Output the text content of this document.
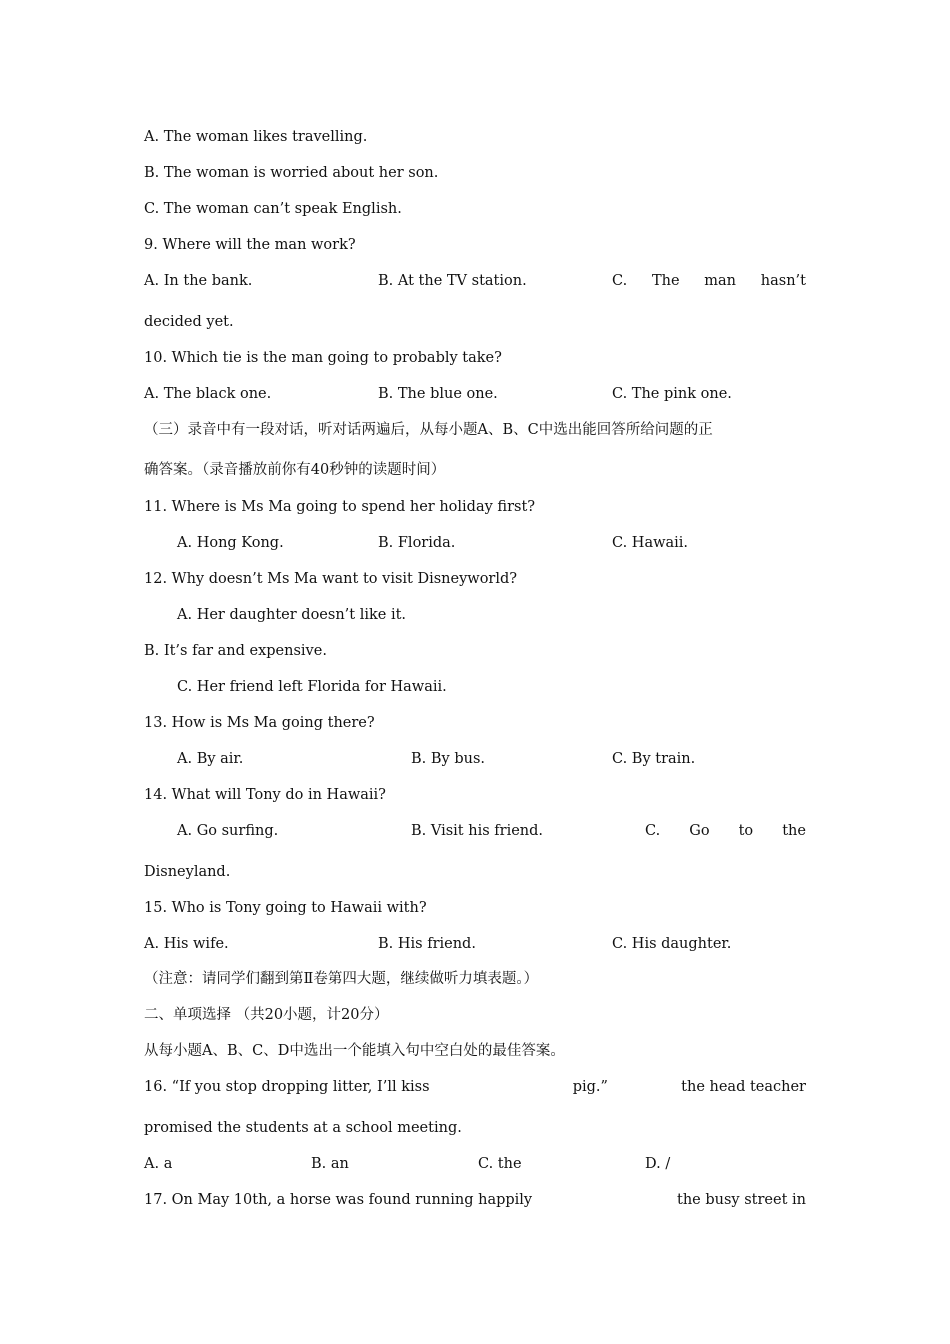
A. The woman likes travelling.
B. The woman is worried about her son.
C. The woman can’t speak English.
9. Where will the man work?
A. In the bank.	B. At the TV station.	C. The man hasn’t
decided yet.
10. Which tie is the man going to probably take?
A. The black one.	B. The blue one.	C. The pink one.
（三）录音中有一段对话，听对话两遍后，从每小题A、B、C中选出能回答所给问题的正
确答案。（录音播放前你有40秒钟的读题时间）
11. Where is Ms Ma going to spend her holiday first?
A. Hong Kong.	B. Florida.	C. Hawaii.
12. Why doesn’t Ms Ma want to visit Disneyworld?
A. Her daughter doesn’t like it.
B. It’s far and expensive.
C. Her friend left Florida for Hawaii.
13. How is Ms Ma going there?
A. By air.	B. By bus.	C. By train.
14. What will Tony do in Hawaii?
A. Go surfing.	B. Visit his friend.	C. Go to the
Disneyland.
15. Who is Tony going to Hawaii with?
A. His wife.	B. His friend.	C. His daughter.
（注意：请同学们翻到第Ⅱ卷第四大题，继续做听力填表题。）
二、单项选择 （共20小题，计20分）
从每小题A、B、C、D中选出一个能填入句中空白处的最佳答案。
16. “If you stop dropping litter, I’ll kiss	pig.”	the head teacher
promised the students at a school meeting.
A. a	B. an	C. the	D. /
17. On May 10th, a horse was found running happily	the busy street in
